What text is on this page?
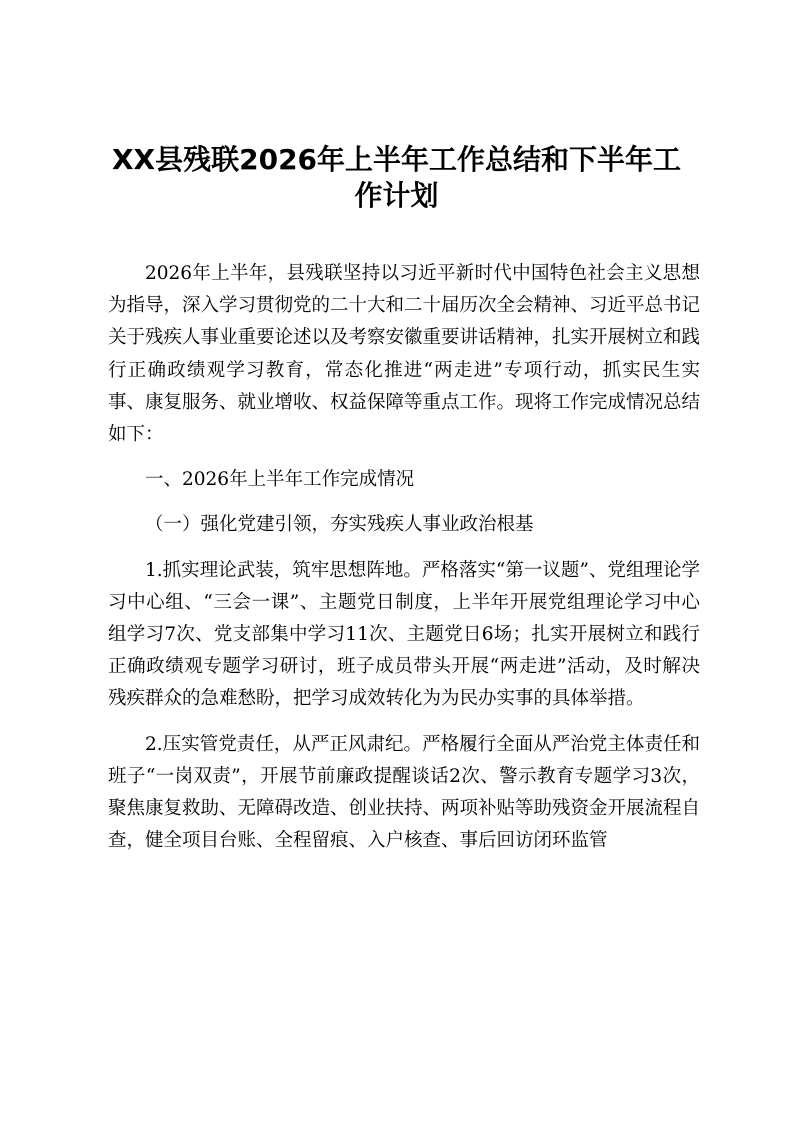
XX县残联2026年上半年工作总结和下半年工作计划

2026年上半年，县残联坚持以习近平新时代中国特色社会主义思想为指导，深入学习贯彻党的二十大和二十届历次全会精神、习近平总书记关于残疾人事业重要论述以及考察安徽重要讲话精神，扎实开展树立和践行正确政绩观学习教育，常态化推进“两走进”专项行动，抓实民生实事、康复服务、就业增收、权益保障等重点工作。现将工作完成情况总结如下：

一、2026年上半年工作完成情况

（一）强化党建引领，夯实残疾人事业政治根基

1.抓实理论武装，筑牢思想阵地。严格落实“第一议题”、党组理论学习中心组、“三会一课”、主题党日制度，上半年开展党组理论学习中心组学习7次、党支部集中学习11次、主题党日6场；扎实开展树立和践行正确政绩观专题学习研讨，班子成员带头开展“两走进”活动，及时解决残疾群众的急难愁盼，把学习成效转化为为民办实事的具体举措。

2.压实管党责任，从严正风肃纪。严格履行全面从严治党主体责任和班子“一岗双责”，开展节前廉政提醒谈话2次、警示教育专题学习3次，聚焦康复救助、无障碍改造、创业扶持、两项补贴等助残资金开展流程自查，健全项目台账、全程留痕、入户核查、事后回访闭环监管
